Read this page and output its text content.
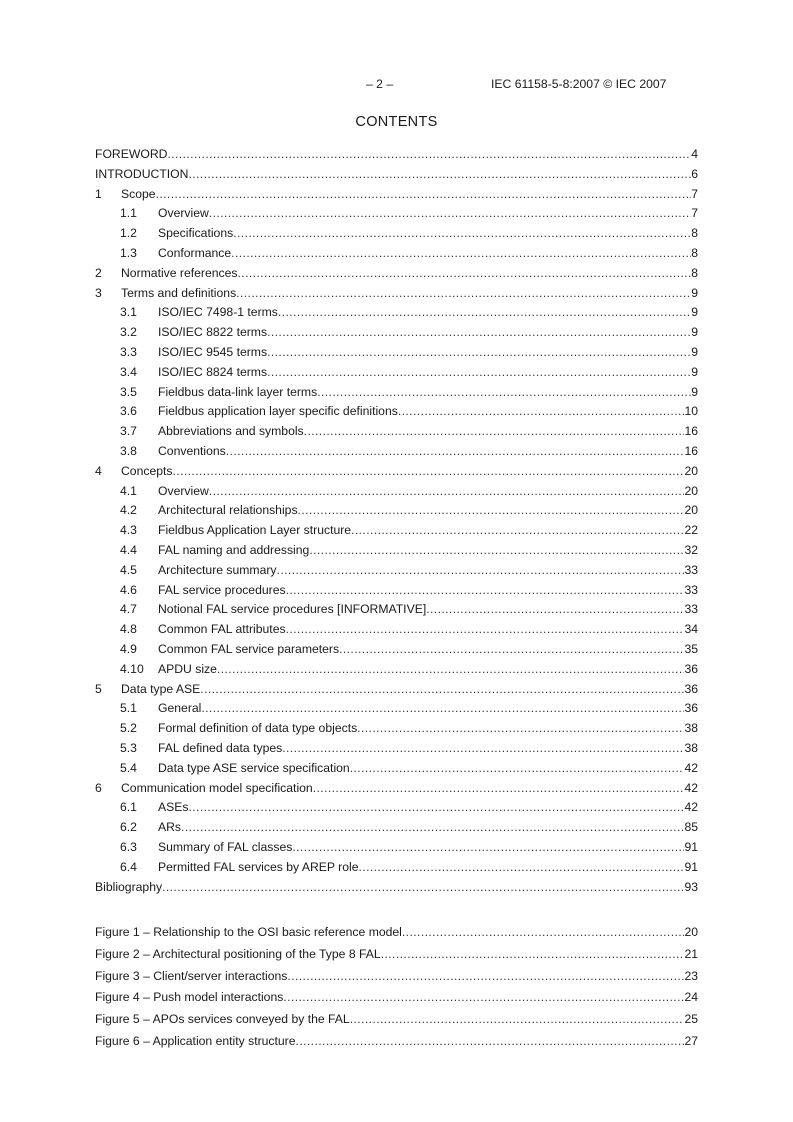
– 2 –	IEC 61158-5-8:2007 © IEC 2007
CONTENTS
FOREWORD .....	4
INTRODUCTION .....	6
1	Scope .....	7
1.1	Overview .....	7
1.2	Specifications .....	8
1.3	Conformance .....	8
2	Normative references .....	8
3	Terms and definitions .....	9
3.1	ISO/IEC 7498-1 terms .....	9
3.2	ISO/IEC 8822 terms .....	9
3.3	ISO/IEC 9545 terms .....	9
3.4	ISO/IEC 8824 terms .....	9
3.5	Fieldbus data-link layer terms .....	9
3.6	Fieldbus application layer specific definitions .....	10
3.7	Abbreviations and symbols .....	16
3.8	Conventions .....	16
4	Concepts .....	20
4.1	Overview .....	20
4.2	Architectural relationships .....	20
4.3	Fieldbus Application Layer structure .....	22
4.4	FAL naming and addressing .....	32
4.5	Architecture summary .....	33
4.6	FAL service procedures .....	33
4.7	Notional FAL service procedures [INFORMATIVE] .....	33
4.8	Common FAL attributes .....	34
4.9	Common FAL service parameters .....	35
4.10	APDU size .....	36
5	Data type ASE .....	36
5.1	General .....	36
5.2	Formal definition of data type objects .....	38
5.3	FAL defined data types .....	38
5.4	Data type ASE service specification .....	42
6	Communication model specification .....	42
6.1	ASEs .....	42
6.2	ARs .....	85
6.3	Summary of FAL classes .....	91
6.4	Permitted FAL services by AREP role .....	91
Bibliography .....	93
Figure 1 – Relationship to the OSI basic reference model .....	20
Figure 2 – Architectural positioning of the Type 8 FAL .....	21
Figure 3 – Client/server interactions .....	23
Figure 4 – Push model interactions .....	24
Figure 5 – APOs services conveyed by the FAL .....	25
Figure 6 – Application entity structure .....	27
